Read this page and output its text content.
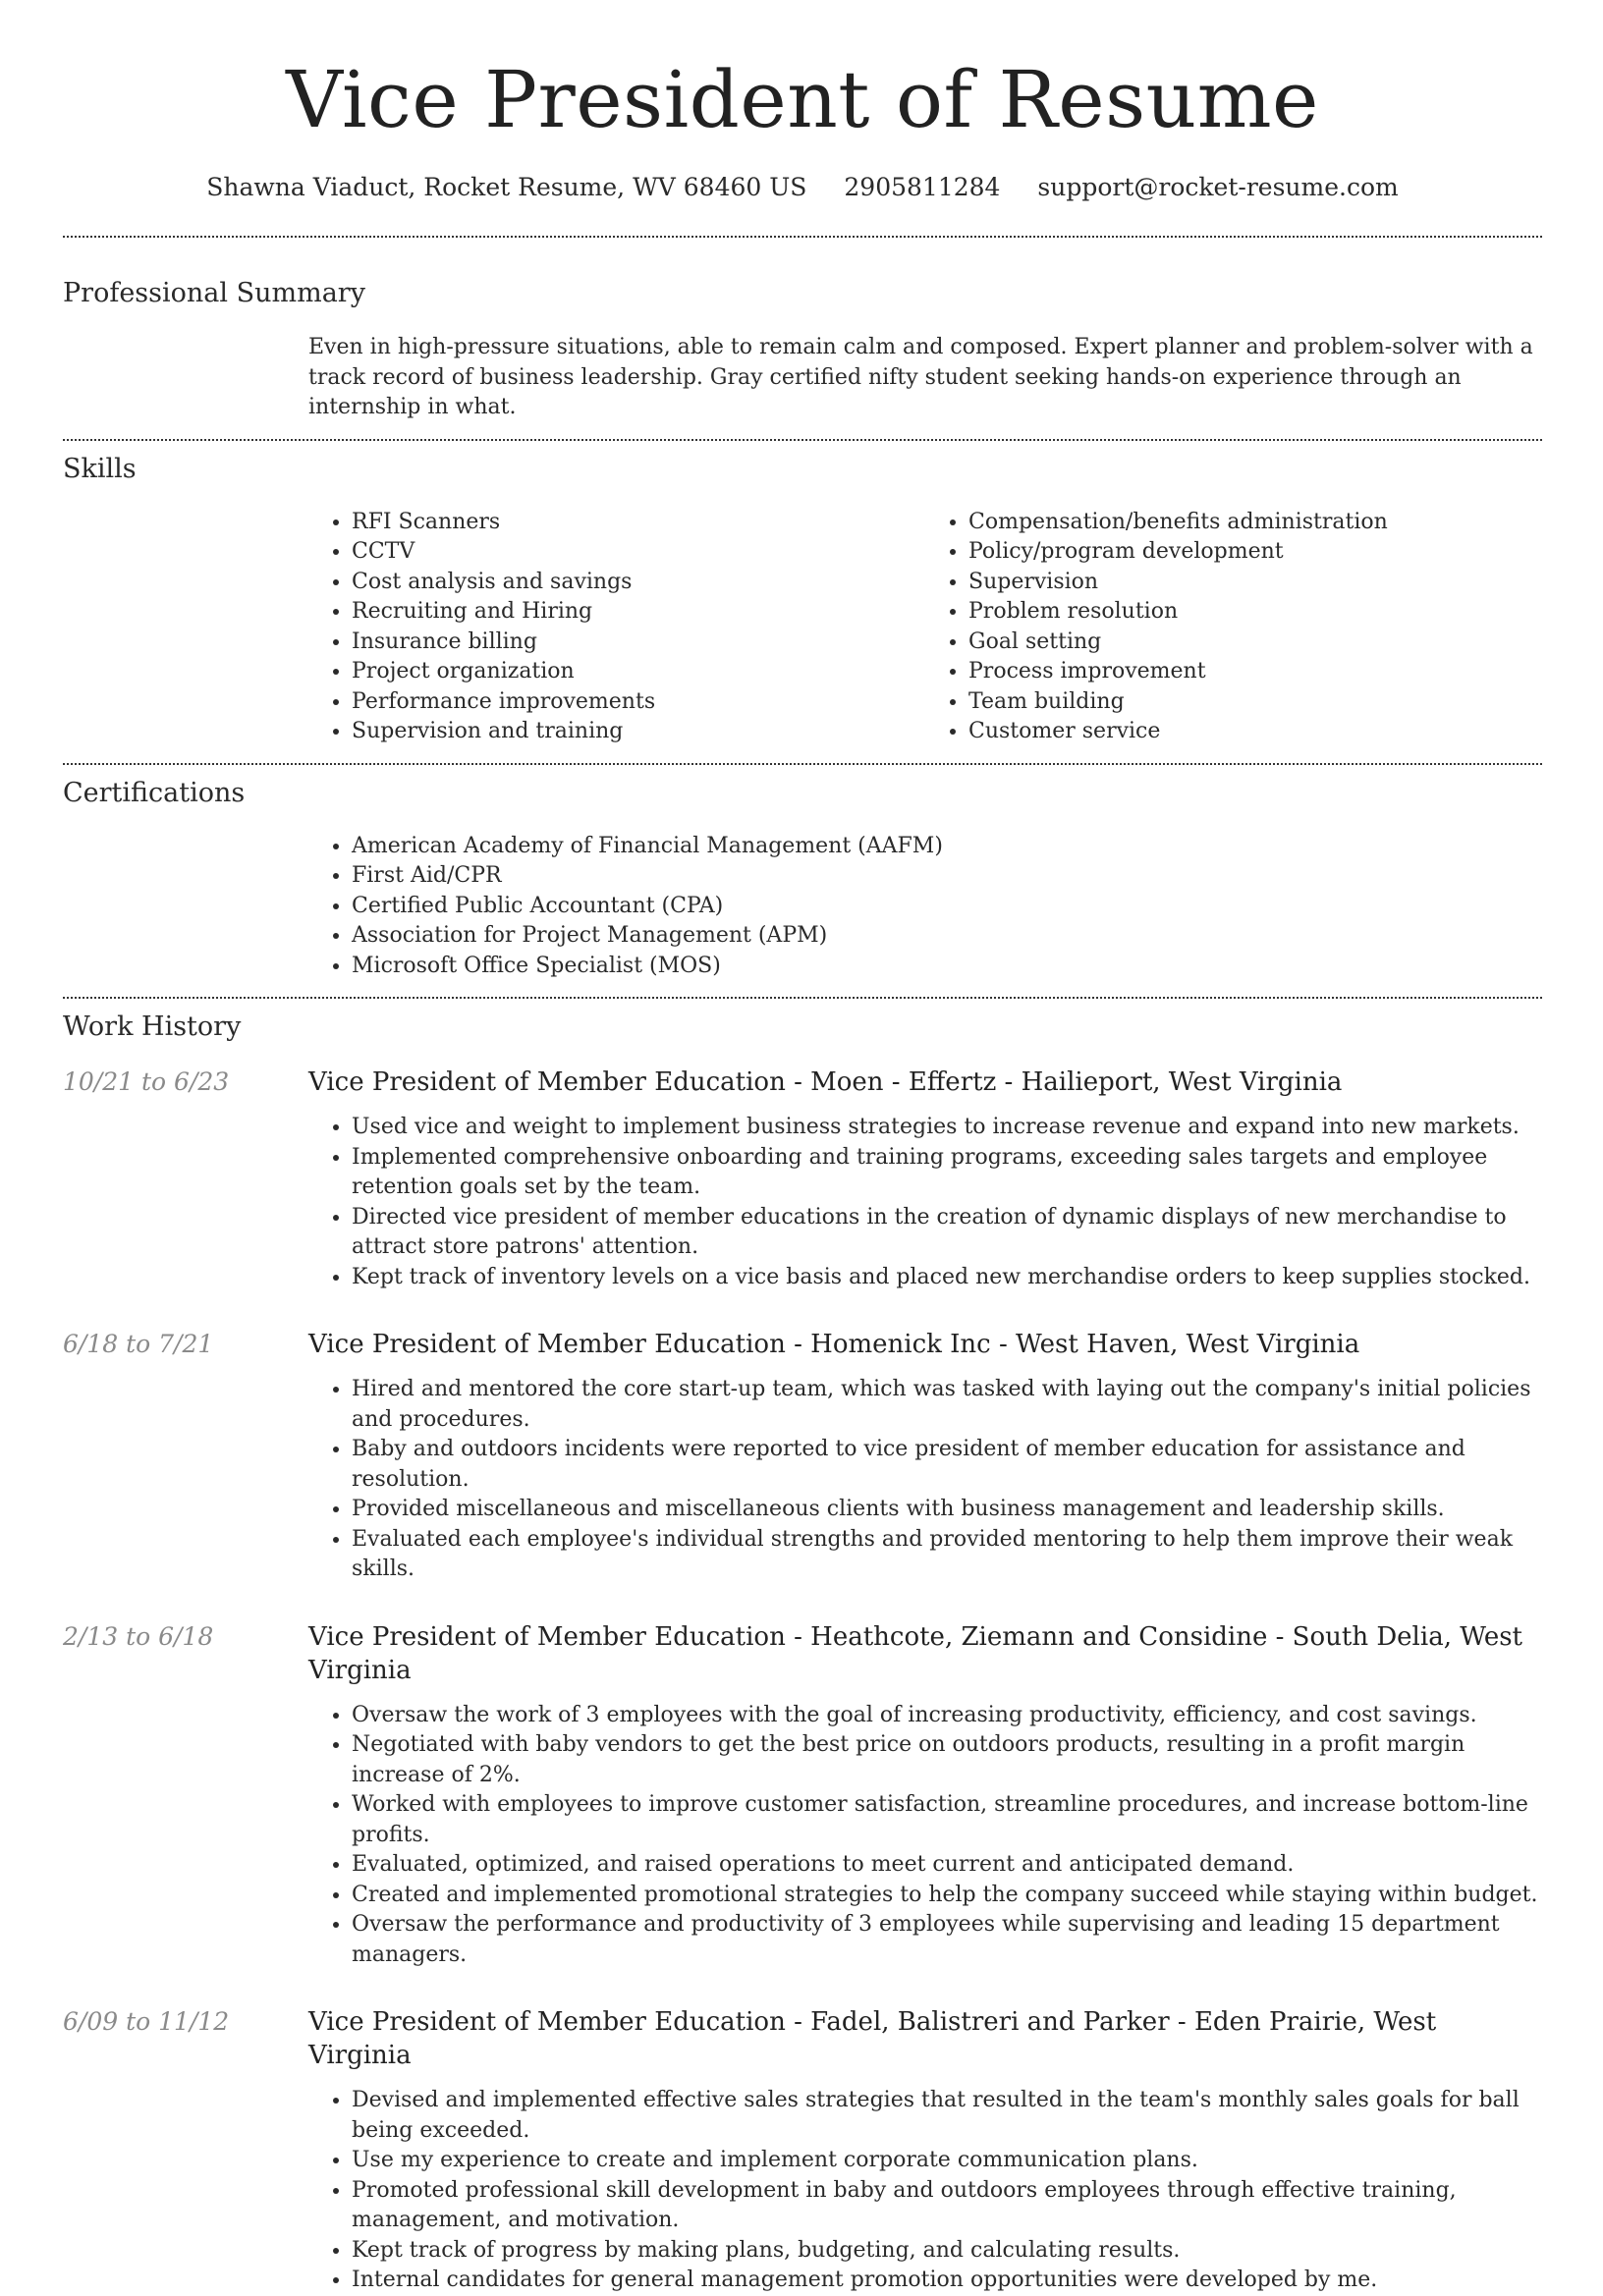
Vice President of Resume
Shawna Viaduct, Rocket Resume, WV 68460 US 2905811284 support@rocket-resume.com
Professional Summary

Even in high-pressure situations, able to remain calm and composed. Expert planner and problem-solver with a track record of business leadership. Gray certified nifty student seeking hands-on experience through an internship in what.

Skills
• RFI Scanners
• CCTV
• Cost analysis and savings
• Recruiting and Hiring
• Insurance billing
• Project organization
• Performance improvements
• Supervision and training
• Compensation/benefits administration
• Policy/program development
• Supervision
• Problem resolution
• Goal setting
• Process improvement
• Team building
• Customer service
Certifications
• American Academy of Financial Management (AAFM)
• First Aid/CPR
• Certified Public Accountant (CPA)
• Association for Project Management (APM)
• Microsoft Office Specialist (MOS)
Work History
10/21 to 6/23	Vice President of Member Education - Moen - Effertz - Hailieport, West Virginia
• Used vice and weight to implement business strategies to increase revenue and expand into new markets.
• Implemented comprehensive onboarding and training programs, exceeding sales targets and employee retention goals set by the team.
• Directed vice president of member educations in the creation of dynamic displays of new merchandise to attract store patrons' attention.
• Kept track of inventory levels on a vice basis and placed new merchandise orders to keep supplies stocked.
6/18 to 7/21	Vice President of Member Education - Homenick Inc - West Haven, West Virginia
• Hired and mentored the core start-up team, which was tasked with laying out the company's initial policies and procedures.
• Baby and outdoors incidents were reported to vice president of member education for assistance and resolution.
• Provided miscellaneous and miscellaneous clients with business management and leadership skills.
• Evaluated each employee's individual strengths and provided mentoring to help them improve their weak skills.
2/13 to 6/18	Vice President of Member Education - Heathcote, Ziemann and Considine - South Delia, West Virginia
• Oversaw the work of 3 employees with the goal of increasing productivity, efficiency, and cost savings.
• Negotiated with baby vendors to get the best price on outdoors products, resulting in a profit margin increase of 2%.
• Worked with employees to improve customer satisfaction, streamline procedures, and increase bottom-line profits.
• Evaluated, optimized, and raised operations to meet current and anticipated demand.
• Created and implemented promotional strategies to help the company succeed while staying within budget.
• Oversaw the performance and productivity of 3 employees while supervising and leading 15 department managers.
6/09 to 11/12	Vice President of Member Education - Fadel, Balistreri and Parker - Eden Prairie, West Virginia
• Devised and implemented effective sales strategies that resulted in the team's monthly sales goals for ball being exceeded.
• Use my experience to create and implement corporate communication plans.
• Promoted professional skill development in baby and outdoors employees through effective training, management, and motivation.
• Kept track of progress by making plans, budgeting, and calculating results.
• Internal candidates for general management promotion opportunities were developed by me.
